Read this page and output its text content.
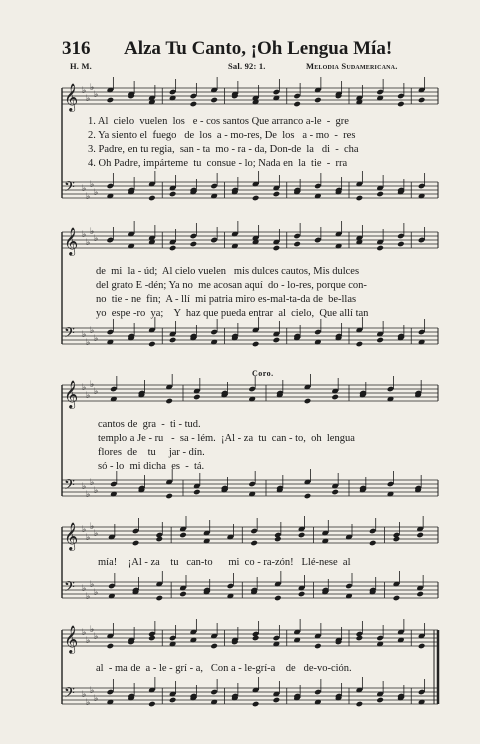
316 Alza Tu Canto, ¡Oh Lengua Mía!
H. M.	Sal. 92: 1.	Melodia Sudamericana.
𝄞 ♭
♭
♭
♭
𝄢 ♭
♭
♭
♭
𝄞 ♭
♭
♭
♭
𝄢 ♭
♭
♭
♭
𝄞 ♭
♭
♭
♭
𝄢 ♭
♭
♭
♭
𝄞 ♭
♭
♭
♭
𝄢 ♭
♭
♭
♭
𝄞 ♭
♭
♭
♭
𝄢 ♭
♭
♭
♭
1. Al  cielo  vuelen  los   e - cos santos Que arranco a-le  -  gre
2. Ya siento el  fuego   de  los  a - mo-res, De  los   a - mo  -  res
3. Padre, en tu regia,  san - ta  mo - ra - da, Don-de  la   di  -  cha
4. Oh Padre, impárteme  tu  consue - lo; Nada en  la  tie  -  rra
de  mi  la - úd;  Al cielo vuelen   mis dulces cautos, Mis dulces
del grato E -dén; Ya no  me acosan aquí  do - lo-res, porque con-
no  tie - ne  fin;  A - llí  mi patria miro es-mal-ta-da de  be-llas
yo  espe -ro  ya;    Y  haz que pueda entrar  al  cielo,  Que allí tan
Coro.
cantos de  gra  -  ti - tud.
templo a Je - ru   -  sa - lém.  ¡Al - za  tu  can - to,  oh  lengua
flores  de    tu     jar - dín.
só - lo  mi dicha  es  -  tá.
mía!    ¡Al - za    tu   can-to      mi  co - ra-zón!   Llé-nese  al
al  - ma de  a - le - grí - a,   Con a - le-grí-a    de   de-vo-ción.
